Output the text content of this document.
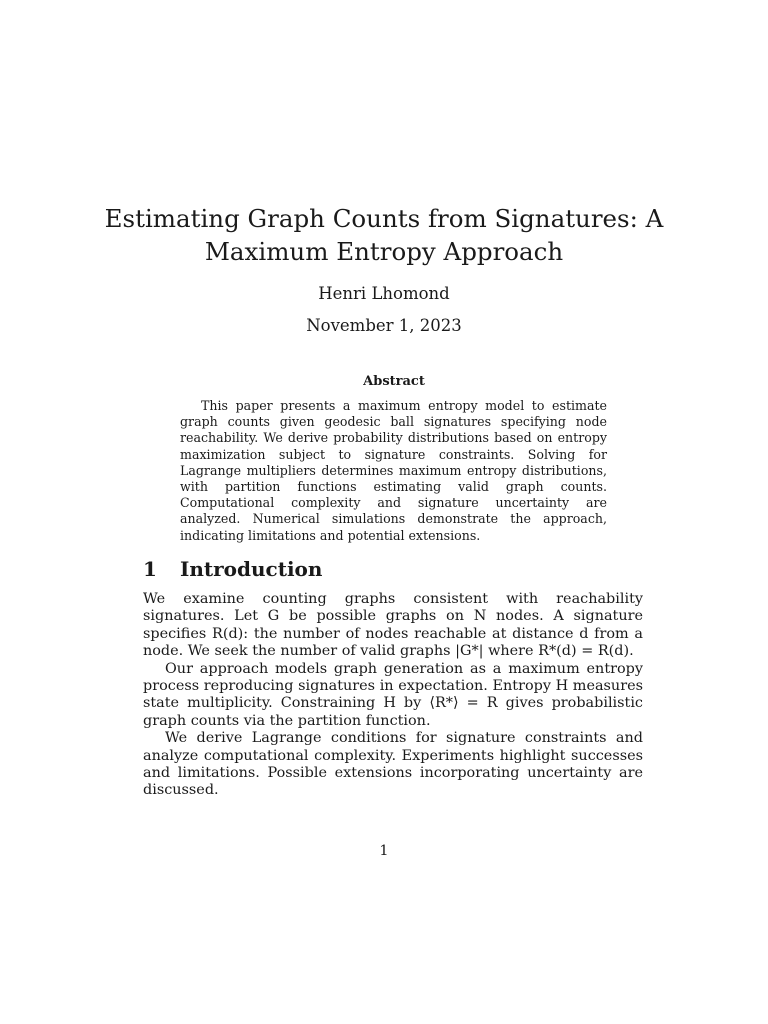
Estimating Graph Counts from Signatures: A Maximum Entropy Approach
Henri Lhomond
November 1, 2023
Abstract

This paper presents a maximum entropy model to estimate graph counts given geodesic ball signatures specifying node reachability. We derive probability distributions based on entropy maximization subject to signature constraints. Solving for Lagrange multipliers determines maximum entropy distributions, with partition functions estimating valid graph counts. Computational complexity and signature uncertainty are analyzed. Numerical simulations demonstrate the approach, indicating limitations and potential extensions.

1 Introduction

We examine counting graphs consistent with reachability signatures. Let G be possible graphs on N nodes. A signature specifies R(d): the number of nodes reachable at distance d from a node. We seek the number of valid graphs |G*| where R*(d) = R(d).

Our approach models graph generation as a maximum entropy process reproducing signatures in expectation. Entropy H measures state multiplicity. Constraining H by ⟨R*⟩ = R gives probabilistic graph counts via the partition function.

We derive Lagrange conditions for signature constraints and analyze computational complexity. Experiments highlight successes and limitations. Possible extensions incorporating uncertainty are discussed.

1
